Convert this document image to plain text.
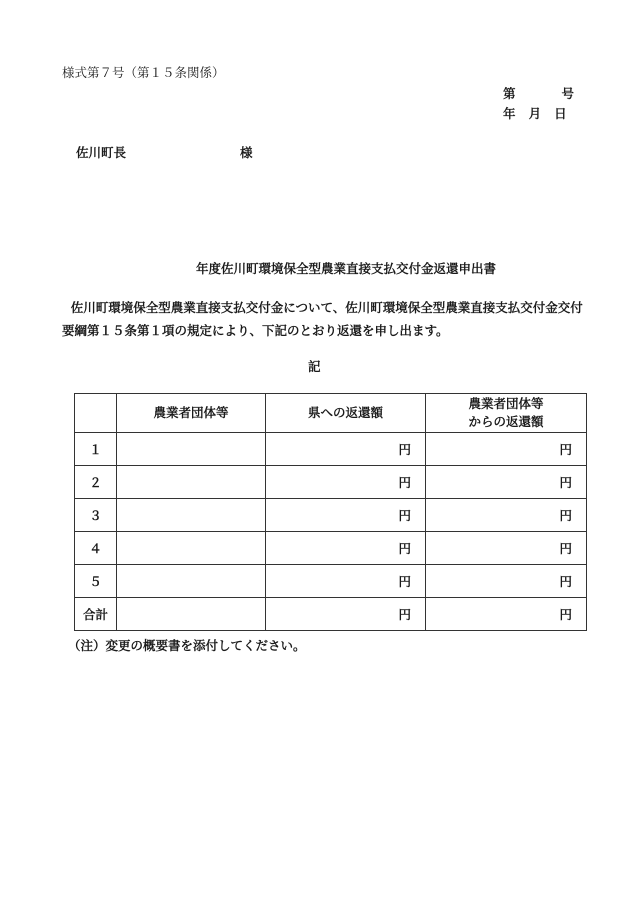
様式第７号（第１５条関係）
第	号
年 月 日
佐川町長	様
年度佐川町環境保全型農業直接支払交付金返還申出書
佐川町環境保全型農業直接支払交付金について、佐川町環境保全型農業直接支払交付金交付要綱第１５条第１項の規定により、下記のとおり返還を申し出ます。
記
	農業者団体等	県への返還額	農業者団体等
からの返還額
１		円	円
２		円	円
３		円	円
４		円	円
５		円	円
合計		円	円
（注）変更の概要書を添付してください。
